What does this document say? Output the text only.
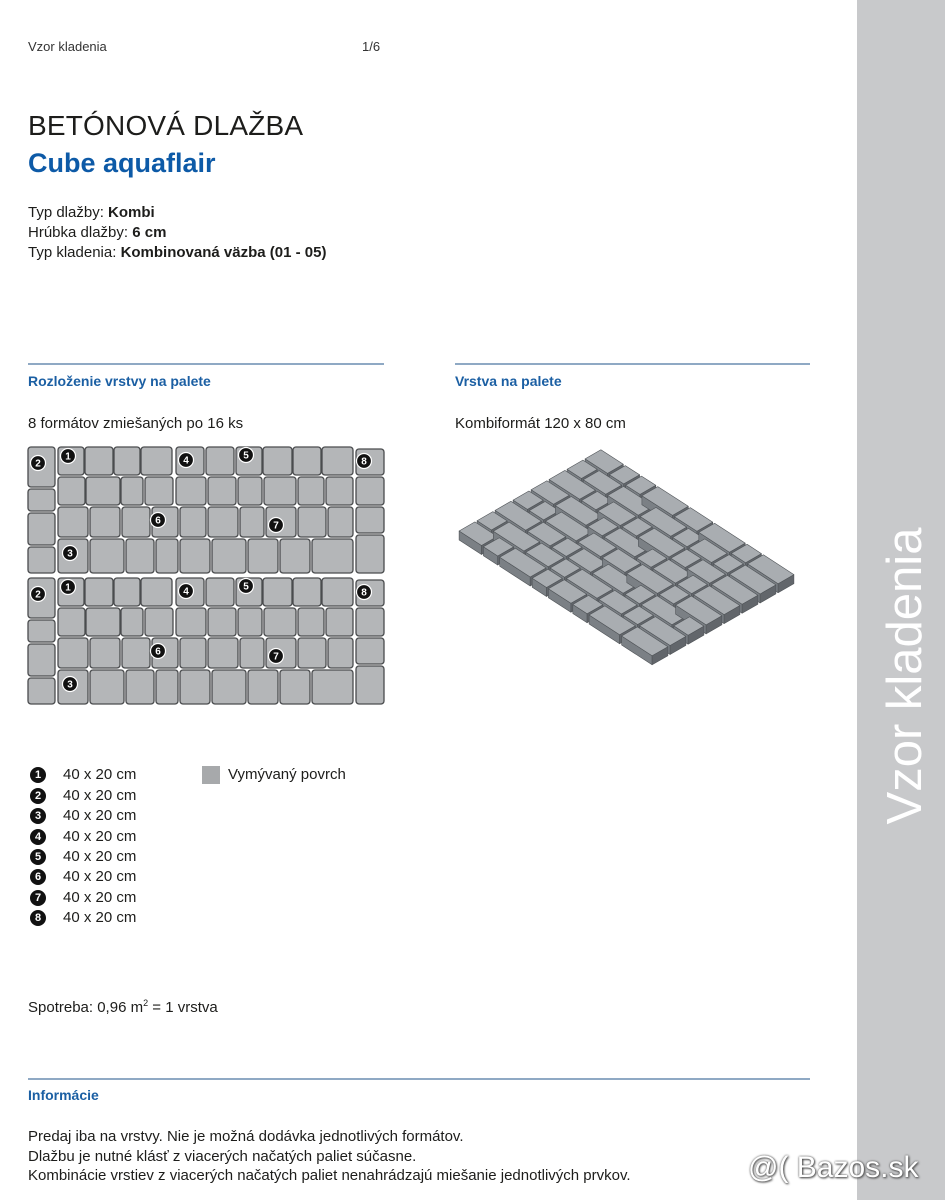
Vzor kladenia	1/6
Vzor kladenia
BETÓNOVÁ DLAŽBA
Cube aquaflair
Typ dlažby: Kombi
Hrúbka dlažby: 6 cm
Typ kladenia: Kombinovaná väzba (01 - 05)
Rozloženie vrstvy na palete	Vrstva na palete
8 formátov zmiešaných po 16 ks	Kombiformát 120 x 80 cm
1
2
3
4	5
6	7
8
1
2
3
4	5
6	7
8
1	40 x 20 cm
2	40 x 20 cm
3	40 x 20 cm
4	40 x 20 cm
5	40 x 20 cm
6	40 x 20 cm
7	40 x 20 cm
8	40 x 20 cm
Vymývaný povrch
Spotreba: 0,96 $m^2 = 1$ vrstva
Informácie
Predaj iba na vrstvy. Nie je možná dodávka jednotlivých formátov.
Dlažbu je nutné klásť z viacerých načatých paliet súčasne.
Kombinácie vrstiev z viacerých načatých paliet nenahrádzajú miešanie jednotlivých prvkov.	@( Bazos.sk
